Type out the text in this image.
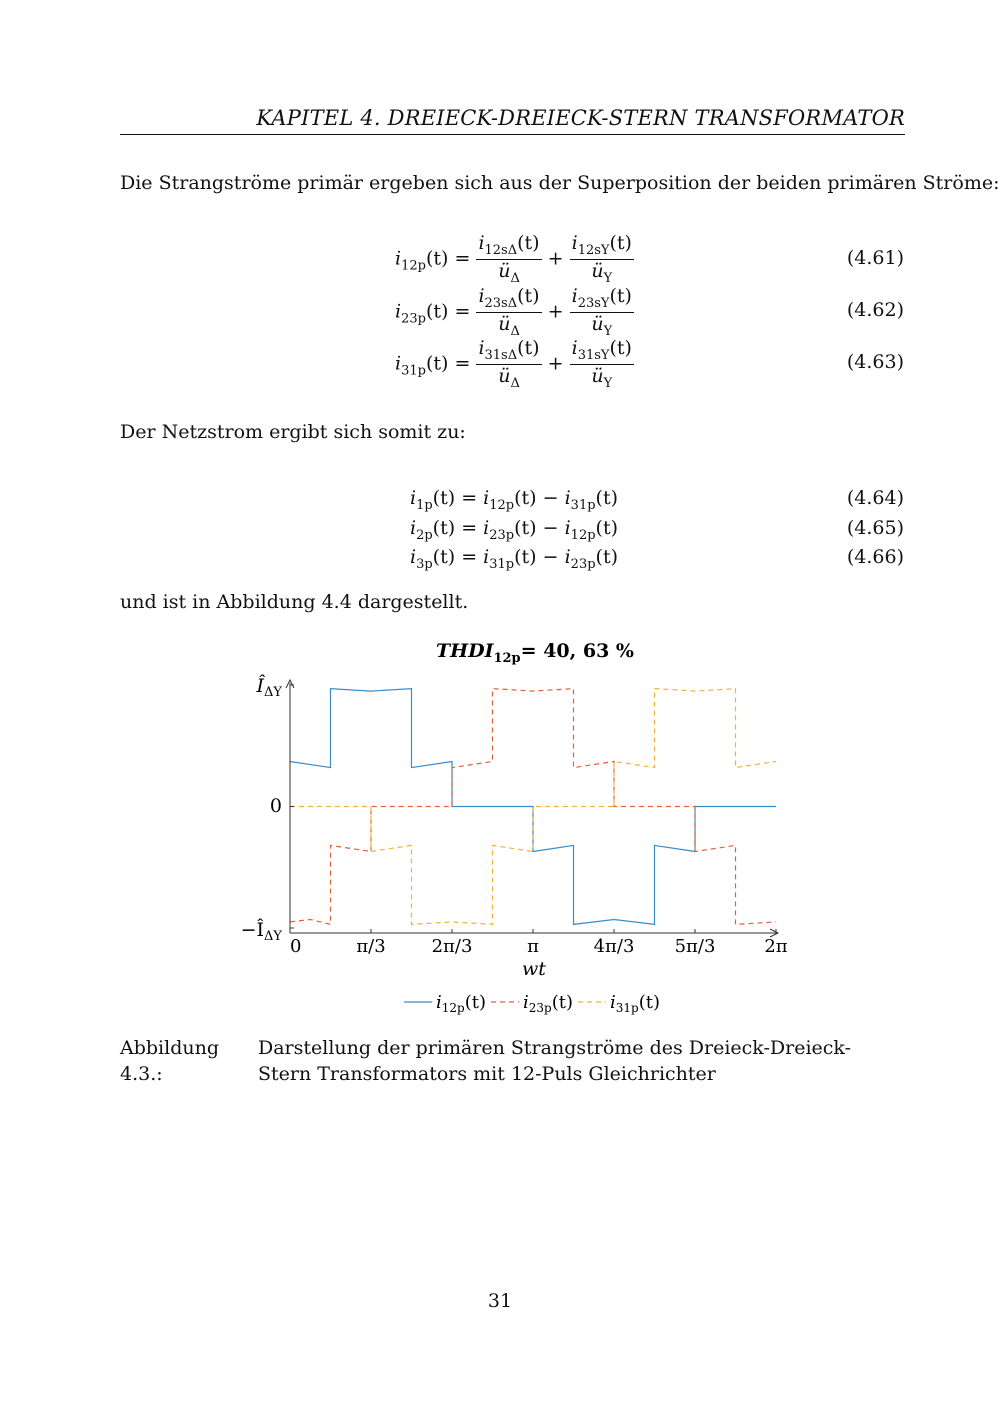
KAPITEL 4. DREIECK-DREIECK-STERN TRANSFORMATOR
Die Strangströme primär ergeben sich aus der Superposition der beiden primären Ströme:
$i_{12p}(t) = \frac{i_{12s\Delta}(t)}{ü_\Delta} + \frac{i_{12sY}(t)}{ü_Y}$	(4.61)
$i_{23p}(t) = \frac{i_{23s\Delta}(t)}{ü_\Delta} + \frac{i_{23sY}(t)}{ü_Y}$	(4.62)
$i_{31p}(t) = \frac{i_{31s\Delta}(t)}{ü_\Delta} + \frac{i_{31sY}(t)}{ü_Y}$	(4.63)
Der Netzstrom ergibt sich somit zu:
$i_{1p}(t) = i_{12p}(t) - i_{31p}(t)$	(4.64)
$i_{2p}(t) = i_{23p}(t) - i_{12p}(t)$	(4.65)
$i_{3p}(t) = i_{31p}(t) - i_{23p}(t)$	(4.66)
und ist in Abbildung 4.4 dargestellt.
$THDI_{12p}= 40$, 63 %
0	π/3	2π/3	π	4π/3 5π/3	2π
$Î_{\Delta Y}$
0
$-Î_{\Delta Y}$
wt
$i_{12p}(t)$ $i_{23p}(t)$ $i_{31p}(t)$
Abbildung 4.3.:Darstellung der primären Strangströme des Dreieck-Dreieck-Stern Transformators mit 12-Puls Gleichrichter
31
